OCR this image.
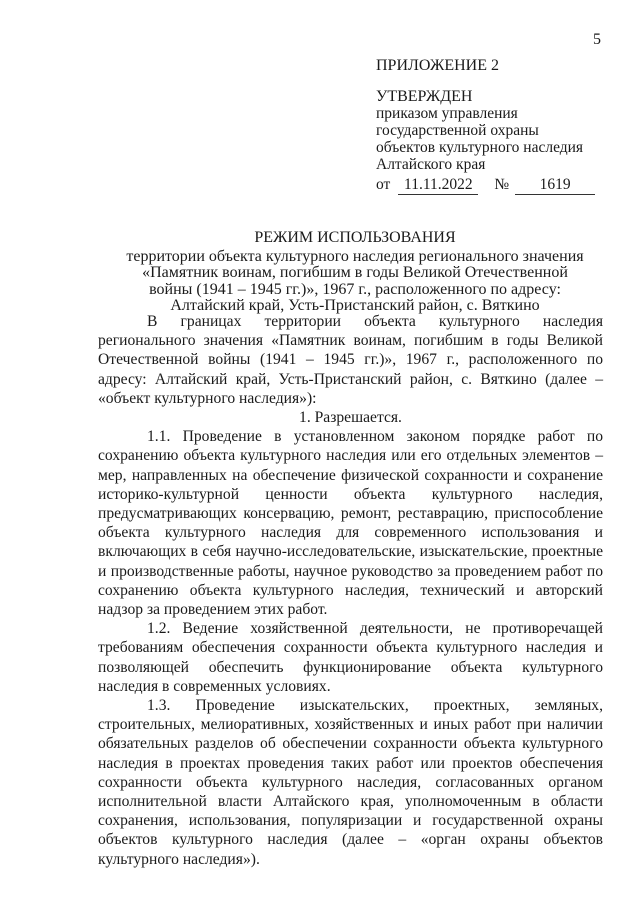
5
ПРИЛОЖЕНИЕ 2
УТВЕРЖДЕН
приказом управления
государственной охраны
объектов культурного наследия
Алтайского края
от 11.11.2022 № 1619
РЕЖИМ ИСПОЛЬЗОВАНИЯ
территории объекта культурного наследия регионального значения
«Памятник воинам, погибшим в годы Великой Отечественной
войны (1941 – 1945 гг.)», 1967 г., расположенного по адресу:
Алтайский край, Усть-Пристанский район, с. Вяткино

В границах территории объекта культурного наследия регионального значения «Памятник воинам, погибшим в годы Великой Отечественной войны (1941 – 1945 гг.)», 1967 г., расположенного по адресу: Алтайский край, Усть-Пристанский район, с. Вяткино (далее – «объект культурного наследия»):

1. Разрешается.

1.1. Проведение в установленном законом порядке работ по сохранению объекта культурного наследия или его отдельных элементов – мер, направленных на обеспечение физической сохранности и сохранение историко-культурной ценности объекта культурного наследия, предусматривающих консервацию, ремонт, реставрацию, приспособление объекта культурного наследия для современного использования и включающих в себя научно-исследовательские, изыскательские, проектные и производственные работы, научное руководство за проведением работ по сохранению объекта культурного наследия, технический и авторский надзор за проведением этих работ.

1.2. Ведение хозяйственной деятельности, не противоречащей требованиям обеспечения сохранности объекта культурного наследия и позволяющей обеспечить функционирование объекта культурного наследия в современных условиях.

1.3. Проведение изыскательских, проектных, земляных, строительных, мелиоративных, хозяйственных и иных работ при наличии обязательных разделов об обеспечении сохранности объекта культурного наследия в проектах проведения таких работ или проектов обеспечения сохранности объекта культурного наследия, согласованных органом исполнительной власти Алтайского края, уполномоченным в области сохранения, использования, популяризации и государственной охраны объектов культурного наследия (далее – «орган охраны объектов культурного наследия»).
